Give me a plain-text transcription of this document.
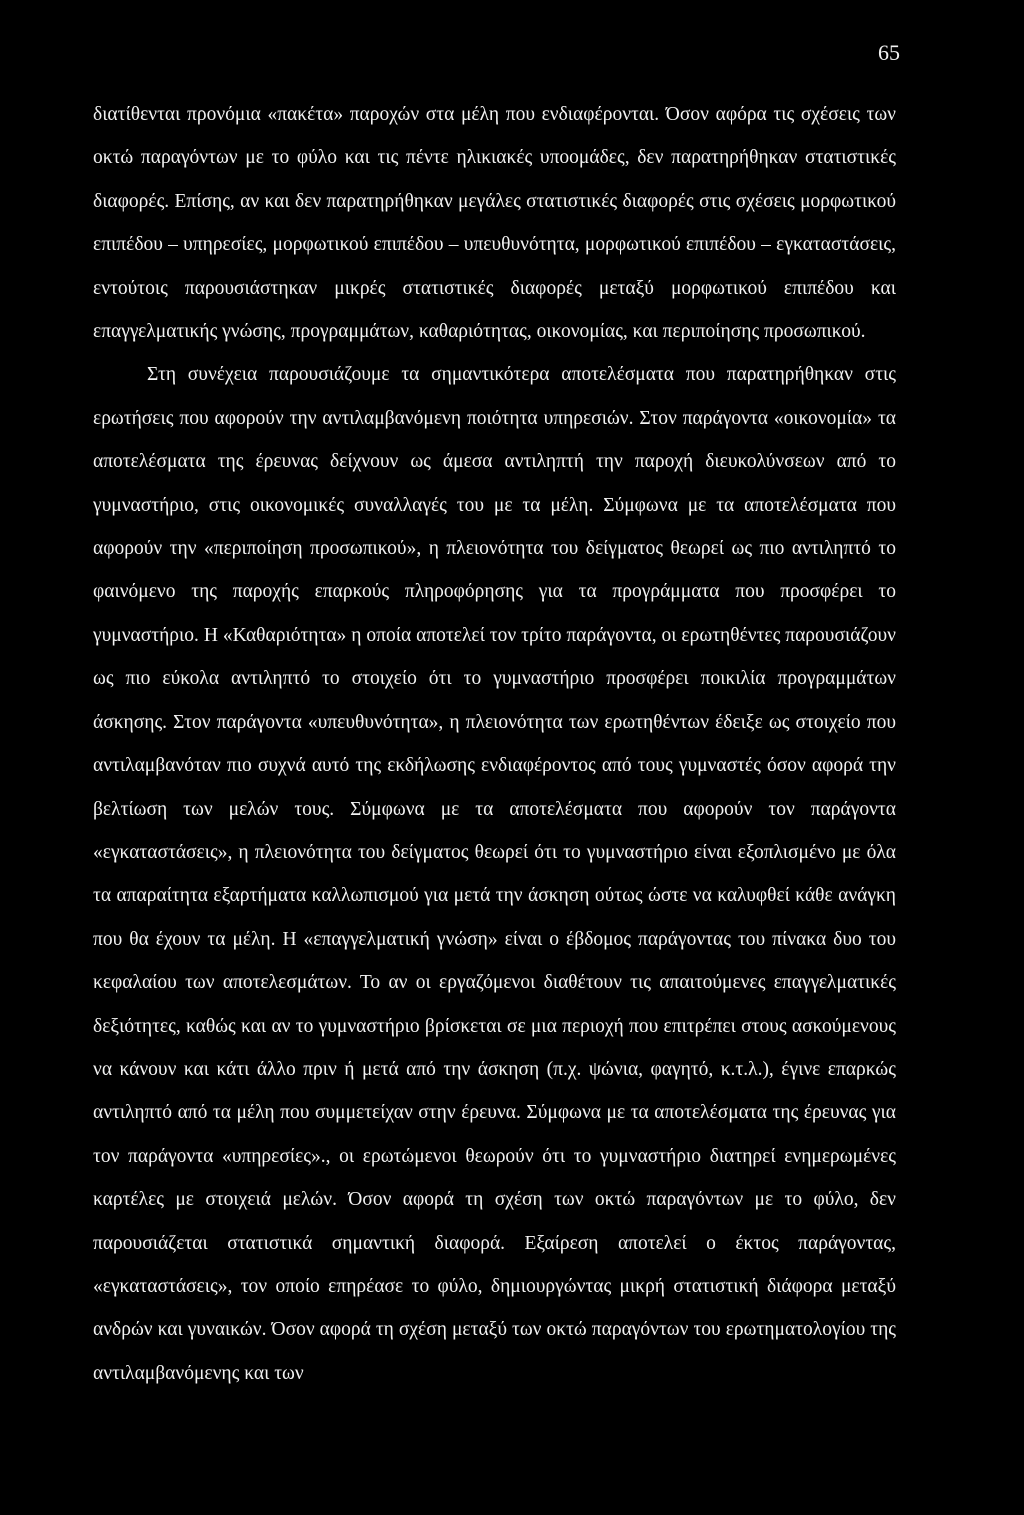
65

διατίθενται προνόμια «πακέτα» παροχών στα μέλη που ενδιαφέρονται. Όσον αφόρα τις σχέσεις των οκτώ παραγόντων με το φύλο και τις πέντε ηλικιακές υποομάδες, δεν παρατηρήθηκαν στατιστικές διαφορές. Επίσης, αν και δεν παρατηρήθηκαν μεγάλες στατιστικές διαφορές στις σχέσεις μορφωτικού επιπέδου – υπηρεσίες, μορφωτικού επιπέδου – υπευθυνότητα, μορφωτικού επιπέδου – εγκαταστάσεις, εντούτοις παρουσιάστηκαν μικρές στατιστικές διαφορές μεταξύ μορφωτικού επιπέδου και επαγγελματικής γνώσης, προγραμμάτων, καθαριότητας, οικονομίας, και περιποίησης προσωπικού.

Στη συνέχεια παρουσιάζουμε τα σημαντικότερα αποτελέσματα που παρατηρήθηκαν στις ερωτήσεις που αφορούν την αντιλαμβανόμενη ποιότητα υπηρεσιών. Στον παράγοντα «οικονομία» τα αποτελέσματα της έρευνας δείχνουν ως άμεσα αντιληπτή την παροχή διευκολύνσεων από το γυμναστήριο, στις οικονομικές συναλλαγές του με τα μέλη. Σύμφωνα με τα αποτελέσματα που αφορούν την «περιποίηση προσωπικού», η πλειονότητα του δείγματος θεωρεί ως πιο αντιληπτό το φαινόμενο της παροχής επαρκούς πληροφόρησης για τα προγράμματα που προσφέρει το γυμναστήριο. Η «Καθαριότητα» η οποία αποτελεί τον τρίτο παράγοντα, οι ερωτηθέντες παρουσιάζουν ως πιο εύκολα αντιληπτό το στοιχείο ότι το γυμναστήριο προσφέρει ποικιλία προγραμμάτων άσκησης. Στον παράγοντα «υπευθυνότητα», η πλειονότητα των ερωτηθέντων έδειξε ως στοιχείο που αντιλαμβανόταν πιο συχνά αυτό της εκδήλωσης ενδιαφέροντος από τους γυμναστές όσον αφορά την βελτίωση των μελών τους. Σύμφωνα με τα αποτελέσματα που αφορούν τον παράγοντα «εγκαταστάσεις», η πλειονότητα του δείγματος θεωρεί ότι το γυμναστήριο είναι εξοπλισμένο με όλα τα απαραίτητα εξαρτήματα καλλωπισμού για μετά την άσκηση ούτως ώστε να καλυφθεί κάθε ανάγκη που θα έχουν τα μέλη. Η «επαγγελματική γνώση» είναι ο έβδομος παράγοντας του πίνακα δυο του κεφαλαίου των αποτελεσμάτων. Το αν οι εργαζόμενοι διαθέτουν τις απαιτούμενες επαγγελματικές δεξιότητες, καθώς και αν το γυμναστήριο βρίσκεται σε μια περιοχή που επιτρέπει στους ασκούμενους να κάνουν και κάτι άλλο πριν ή μετά από την άσκηση (π.χ. ψώνια, φαγητό, κ.τ.λ.), έγινε επαρκώς αντιληπτό από τα μέλη που συμμετείχαν στην έρευνα. Σύμφωνα με τα αποτελέσματα της έρευνας για τον παράγοντα «υπηρεσίες»., οι ερωτώμενοι θεωρούν ότι το γυμναστήριο διατηρεί ενημερωμένες καρτέλες με στοιχειά μελών. Όσον αφορά τη σχέση των οκτώ παραγόντων με το φύλο, δεν παρουσιάζεται στατιστικά σημαντική διαφορά. Εξαίρεση αποτελεί ο έκτος παράγοντας, «εγκαταστάσεις», τον οποίο επηρέασε το φύλο, δημιουργώντας μικρή στατιστική διάφορα μεταξύ ανδρών και γυναικών. Όσον αφορά τη σχέση μεταξύ των οκτώ παραγόντων του ερωτηματολογίου της αντιλαμβανόμενης και των
